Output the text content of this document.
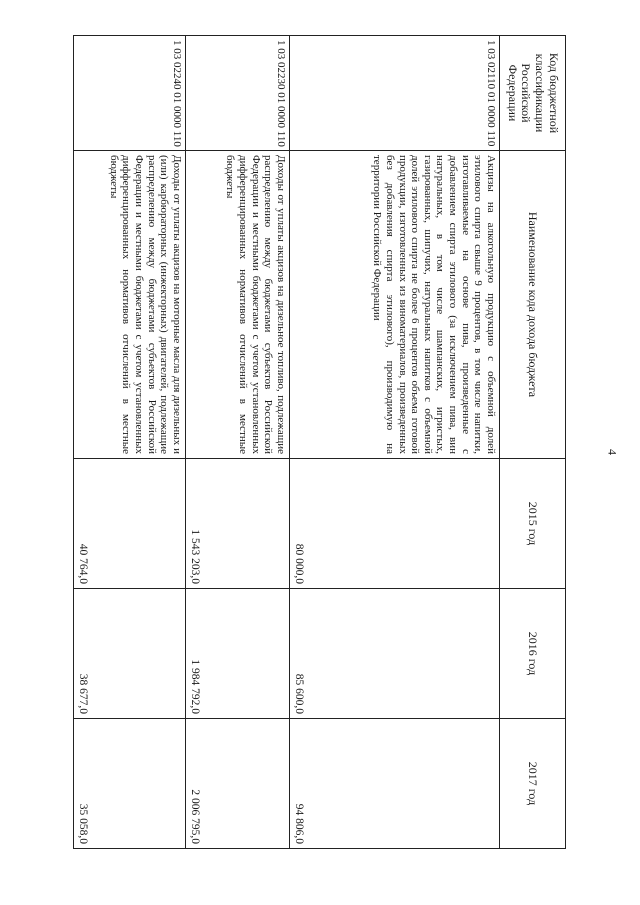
4
Код бюджетной классификации Российской Федерации	Наименование кода дохода бюджета	2015 год	2016 год	2017 год
1 03 02110 01 0000 110	Акцизы на алкогольную продукцию с объемной долей этилового спирта свыше 9 процентов, в том числе напитки, изготавливаемые на основе пива, произведенные с добавлением спирта этилового (за исключением пива, вин натуральных, в том числе шампанских, игристых, газированных, шипучих, натуральных напитков с объемной долей этилового спирта не более 6 процентов объема готовой продукции, изготовленных из виноматериалов, произведенных без добавления спирта этилового), производимую на территории Российской Федерации	80 000,0	85 600,0	94 806,0
1 03 02230 01 0000 110	Доходы от уплаты акцизов на дизельное топливо, подлежащие распределению между бюджетами субъектов Российской Федерации и местными бюджетами с учетом установленных дифференцированных нормативов отчислений в местные бюджеты	1 543 203,0	1 984 792,0	2 006 795,0
1 03 02240 01 0000 110	Доходы от уплаты акцизов на моторные масла для дизельных и (или) карбюраторных (инжекторных) двигателей, подлежащие распределению между бюджетами субъектов Российской Федерации и местными бюджетами с учетом установленных дифференцированных нормативов отчислений в местные бюджеты	40 764,0	38 677,0	35 058,0
